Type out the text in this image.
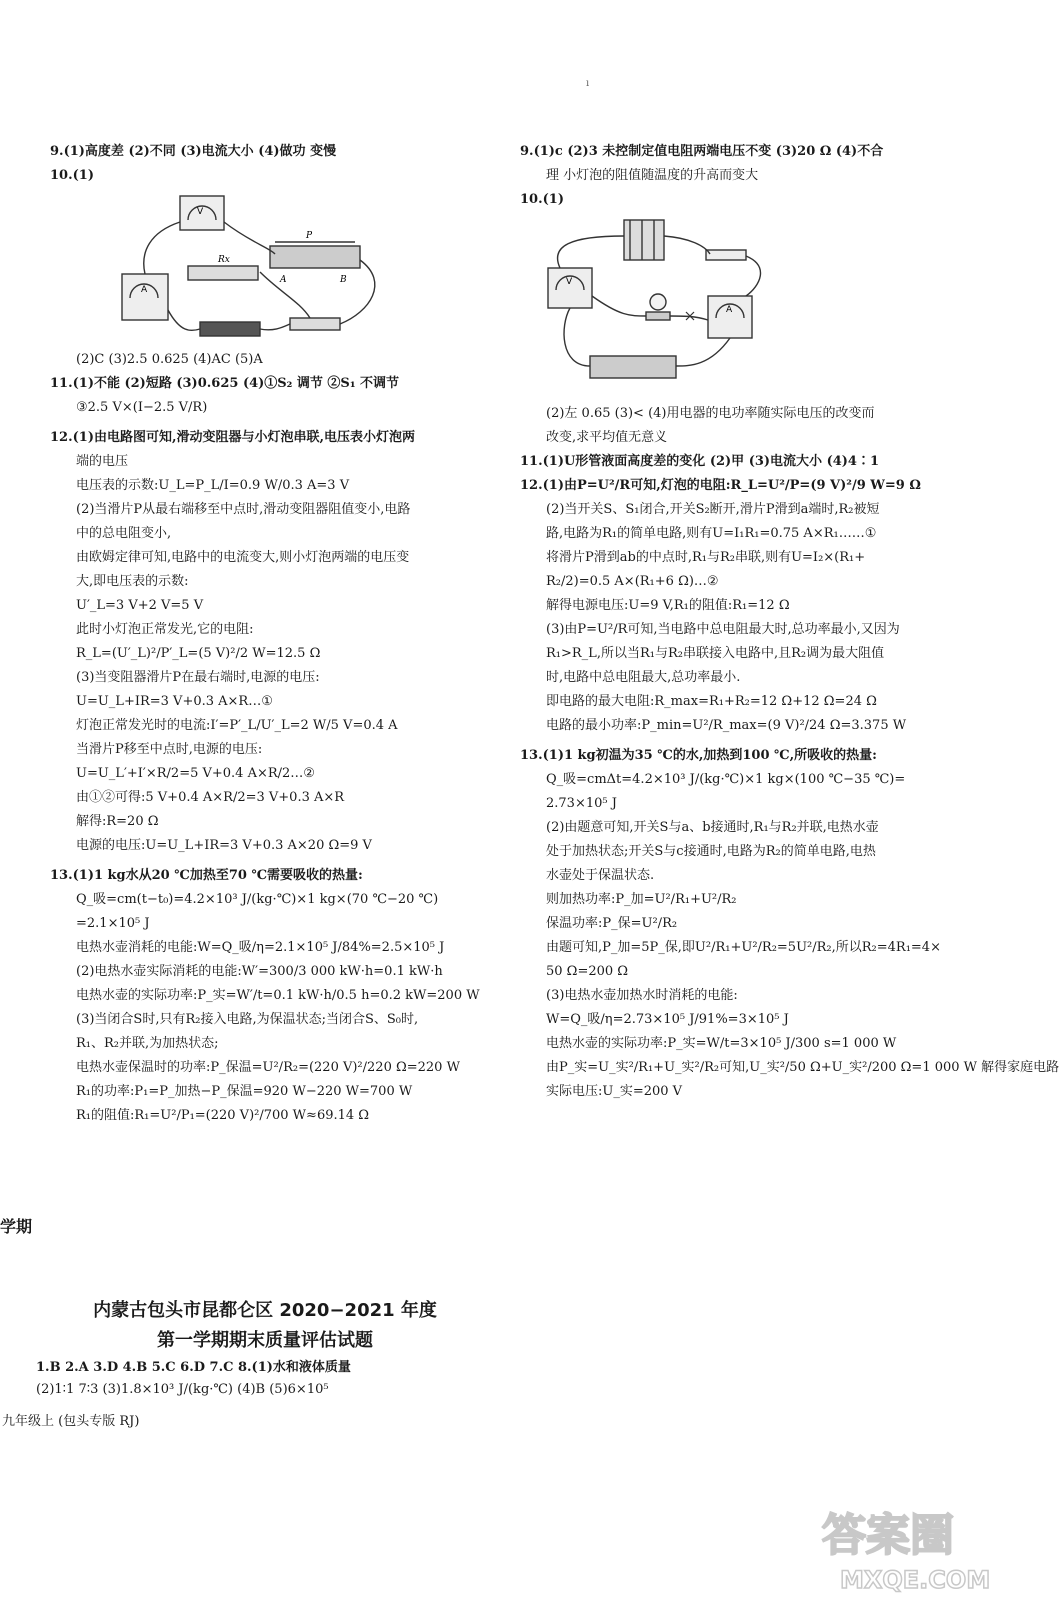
ı
9.(1)高度差 (2)不同 (3)电流大小 (4)做功 变慢
10.(1)
V
P
Rx
A	B
A
(2)C (3)2.5 0.625 (4)AC (5)A
11.(1)不能 (2)短路 (3)0.625 (4)①S₂ 调节 ②S₁ 不调节
③2.5 V×(I−2.5 V/R)
12.(1)由电路图可知,滑动变阻器与小灯泡串联,电压表小灯泡两
端的电压
电压表的示数:U_L=P_L/I=0.9 W/0.3 A=3 V
(2)当滑片P从最右端移至中点时,滑动变阻器阻值变小,电路
中的总电阻变小,
由欧姆定律可知,电路中的电流变大,则小灯泡两端的电压变
大,即电压表的示数:
U′_L=3 V+2 V=5 V
此时小灯泡正常发光,它的电阻:
R_L=(U′_L)²/P′_L=(5 V)²/2 W=12.5 Ω
(3)当变阻器滑片P在最右端时,电源的电压:
U=U_L+IR=3 V+0.3 A×R…①
灯泡正常发光时的电流:I′=P′_L/U′_L=2 W/5 V=0.4 A
当滑片P移至中点时,电源的电压:
U=U_L′+I′×R/2=5 V+0.4 A×R/2…②
由①②可得:5 V+0.4 A×R/2=3 V+0.3 A×R
解得:R=20 Ω
电源的电压:U=U_L+IR=3 V+0.3 A×20 Ω=9 V
13.(1)1 kg水从20 ℃加热至70 ℃需要吸收的热量:
Q_吸=cm(t−t₀)=4.2×10³ J/(kg·℃)×1 kg×(70 ℃−20 ℃)
=2.1×10⁵ J
电热水壶消耗的电能:W=Q_吸/η=2.1×10⁵ J/84%=2.5×10⁵ J
(2)电热水壶实际消耗的电能:W′=300/3 000 kW·h=0.1 kW·h
电热水壶的实际功率:P_实=W′/t=0.1 kW·h/0.5 h=0.2 kW=200 W
(3)当闭合S时,只有R₂接入电路,为保温状态;当闭合S、S₀时,
R₁、R₂并联,为加热状态;
电热水壶保温时的功率:P_保温=U²/R₂=(220 V)²/220 Ω=220 W
R₁的功率:P₁=P_加热−P_保温=920 W−220 W=700 W
R₁的阻值:R₁=U²/P₁=(220 V)²/700 W≈69.14 Ω
内蒙古包头市昆都仑区 2020−2021 年度
第一学期期末质量评估试题
1.B 2.A 3.D 4.B 5.C 6.D 7.C 8.(1)水和液体质量
(2)1∶1 7∶3 (3)1.8×10³ J/(kg·℃) (4)B (5)6×10⁵
学期
九年级上 (包头专版 RJ)
9.(1)c (2)3 未控制定值电阻两端电压不变 (3)20 Ω (4)不合
理 小灯泡的阻值随温度的升高而变大
10.(1)
V
A
(2)左 0.65 (3)< (4)用电器的电功率随实际电压的改变而
改变,求平均值无意义
11.(1)U形管液面高度差的变化 (2)甲 (3)电流大小 (4)4∶1
12.(1)由P=U²/R可知,灯泡的电阻:R_L=U²/P=(9 V)²/9 W=9 Ω
(2)当开关S、S₁闭合,开关S₂断开,滑片P滑到a端时,R₂被短
路,电路为R₁的简单电路,则有U=I₁R₁=0.75 A×R₁……①
将滑片P滑到ab的中点时,R₁与R₂串联,则有U=I₂×(R₁+
R₂/2)=0.5 A×(R₁+6 Ω)…②
解得电源电压:U=9 V,R₁的阻值:R₁=12 Ω
(3)由P=U²/R可知,当电路中总电阻最大时,总功率最小,又因为
R₁>R_L,所以当R₁与R₂串联接入电路中,且R₂调为最大阻值
时,电路中总电阻最大,总功率最小.
即电路的最大电阻:R_max=R₁+R₂=12 Ω+12 Ω=24 Ω
电路的最小功率:P_min=U²/R_max=(9 V)²/24 Ω=3.375 W
13.(1)1 kg初温为35 ℃的水,加热到100 ℃,所吸收的热量:
Q_吸=cmΔt=4.2×10³ J/(kg·℃)×1 kg×(100 ℃−35 ℃)=
2.73×10⁵ J
(2)由题意可知,开关S与a、b接通时,R₁与R₂并联,电热水壶
处于加热状态;开关S与c接通时,电路为R₂的简单电路,电热
水壶处于保温状态.
则加热功率:P_加=U²/R₁+U²/R₂
保温功率:P_保=U²/R₂
由题可知,P_加=5P_保,即U²/R₁+U²/R₂=5U²/R₂,所以R₂=4R₁=4×
50 Ω=200 Ω
(3)电热水壶加热水时消耗的电能:
W=Q_吸/η=2.73×10⁵ J/91%=3×10⁵ J
电热水壶的实际功率:P_实=W/t=3×10⁵ J/300 s=1 000 W
由P_实=U_实²/R₁+U_实²/R₂可知,U_实²/50 Ω+U_实²/200 Ω=1 000 W 解得家庭电路
实际电压:U_实=200 V
答案圈
MXQE.COM
